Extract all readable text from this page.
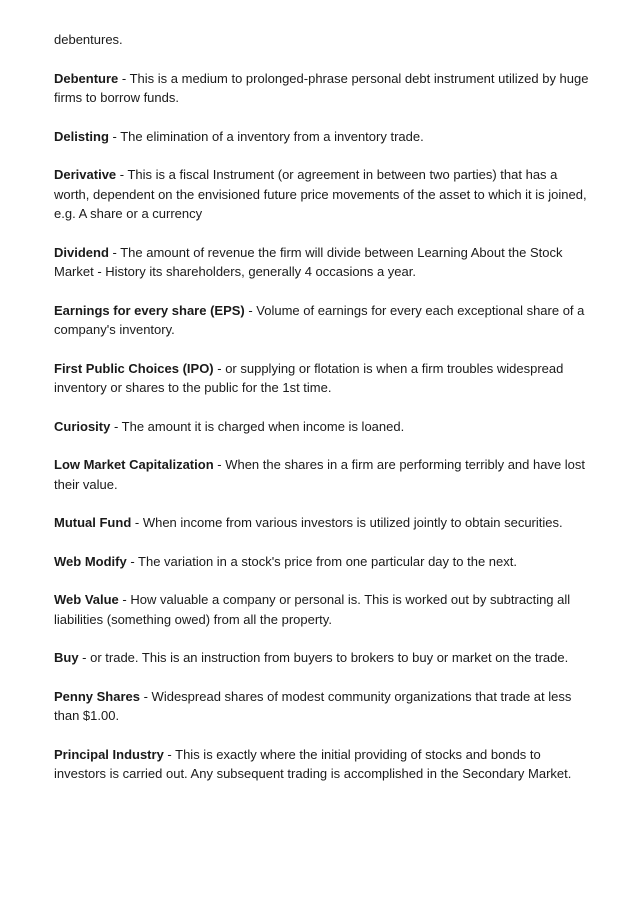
debentures.

Debenture - This is a medium to prolonged-phrase personal debt instrument utilized by huge firms to borrow funds.

Delisting - The elimination of a inventory from a inventory trade.

Derivative - This is a fiscal Instrument (or agreement in between two parties) that has a worth, dependent on the envisioned future price movements of the asset to which it is joined, e.g. A share or a currency

Dividend - The amount of revenue the firm will divide between Learning About the Stock Market - History its shareholders, generally 4 occasions a year.

Earnings for every share (EPS) - Volume of earnings for every each exceptional share of a company's inventory.

First Public Choices (IPO) - or supplying or flotation is when a firm troubles widespread inventory or shares to the public for the 1st time.

Curiosity - The amount it is charged when income is loaned.

Low Market Capitalization - When the shares in a firm are performing terribly and have lost their value.

Mutual Fund - When income from various investors is utilized jointly to obtain securities.

Web Modify - The variation in a stock's price from one particular day to the next.

Web Value - How valuable a company or personal is. This is worked out by subtracting all liabilities (something owed) from all the property.

Buy - or trade. This is an instruction from buyers to brokers to buy or market on the trade.

Penny Shares - Widespread shares of modest community organizations that trade at less than $1.00.

Principal Industry - This is exactly where the initial providing of stocks and bonds to investors is carried out. Any subsequent trading is accomplished in the Secondary Market.
